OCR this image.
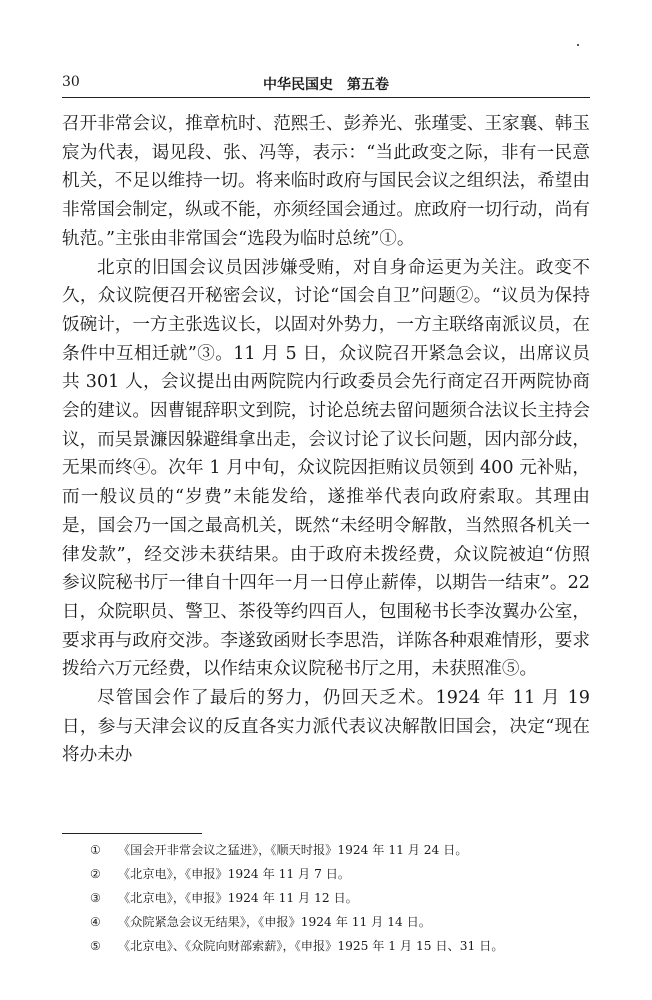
30	中华民国史　第五卷

召开非常会议，推章杭时、范熙壬、彭养光、张瑾雯、王家襄、韩玉宸为代表，谒见段、张、冯等，表示：“当此政变之际，非有一民意机关，不足以维持一切。将来临时政府与国民会议之组织法，希望由非常国会制定，纵或不能，亦须经国会通过。庶政府一切行动，尚有轨范。”主张由非常国会“选段为临时总统”①。

北京的旧国会议员因涉嫌受贿，对自身命运更为关注。政变不久，众议院便召开秘密会议，讨论“国会自卫”问题②。“议员为保持饭碗计，一方主张选议长，以固对外势力，一方主联络南派议员，在条件中互相迁就”③。11 月 5 日，众议院召开紧急会议，出席议员共 301 人，会议提出由两院院内行政委员会先行商定召开两院协商会的建议。因曹锟辞职文到院，讨论总统去留问题须合法议长主持会议，而吴景濂因躲避缉拿出走，会议讨论了议长问题，因内部分歧，无果而终④。次年 1 月中旬，众议院因拒贿议员领到 400 元补贴，而一般议员的“岁费”未能发给，遂推举代表向政府索取。其理由是，国会乃一国之最高机关，既然“未经明令解散，当然照各机关一律发款”，经交涉未获结果。由于政府未拨经费，众议院被迫“仿照参议院秘书厅一律自十四年一月一日停止薪俸，以期告一结束”。22 日，众院职员、警卫、茶役等约四百人，包围秘书长李汝翼办公室，要求再与政府交涉。李遂致函财长李思浩，详陈各种艰难情形，要求拨给六万元经费，以作结束众议院秘书厅之用，未获照准⑤。

尽管国会作了最后的努力，仍回天乏术。1924 年 11 月 19 日，参与天津会议的反直各实力派代表议决解散旧国会，决定“现在将办未办

① 《国会开非常会议之猛进》，《顺天时报》1924 年 11 月 24 日。
② 《北京电》，《申报》1924 年 11 月 7 日。
③ 《北京电》，《申报》1924 年 11 月 12 日。
④ 《众院紧急会议无结果》，《申报》1924 年 11 月 14 日。
⑤ 《北京电》、《众院向财部索薪》，《申报》1925 年 1 月 15 日、31 日。
